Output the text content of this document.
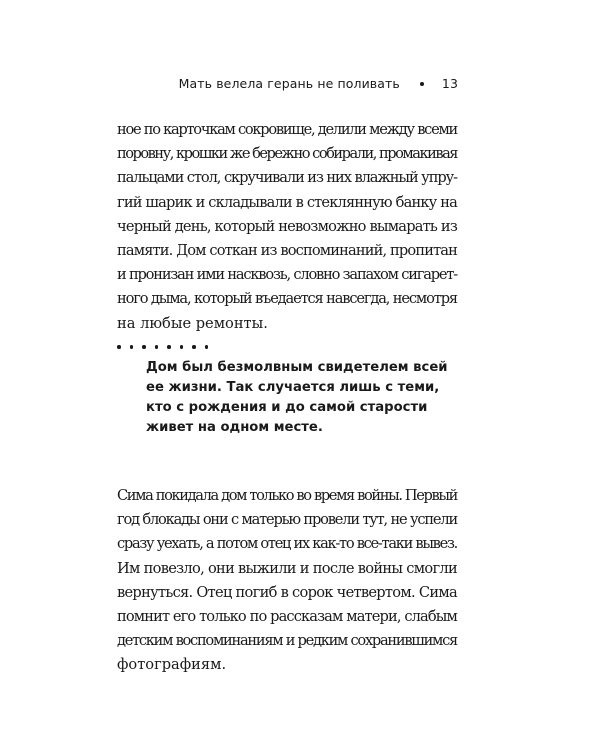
Мать велела герань не поливать	13
ное по карточкам сокровище, делили между всеми
поровну, крошки же бережно собирали, промакивая
пальцами стол, скручивали из них влажный упру-
гий шарик и складывали в стеклянную банку на
черный день, который невозможно вымарать из
памяти. Дом соткан из воспоминаний, пропитан
и пронизан ими насквозь, словно запахом сигарет-
ного дыма, который въедается навсегда, несмотря
на любые ремонты.
Дом был безмолвным свидетелем всей
ее жизни. Так случается лишь с теми,
кто с рождения и до самой старости
живет на одном месте.
Сима покидала дом только во время войны. Первый
год блокады они с матерью провели тут, не успели
сразу уехать, а потом отец их как-то все-таки вывез.
Им повезло, они выжили и после войны смогли
вернуться. Отец погиб в сорок четвертом. Сима
помнит его только по рассказам матери, слабым
детским воспоминаниям и редким сохранившимся
фотографиям.
